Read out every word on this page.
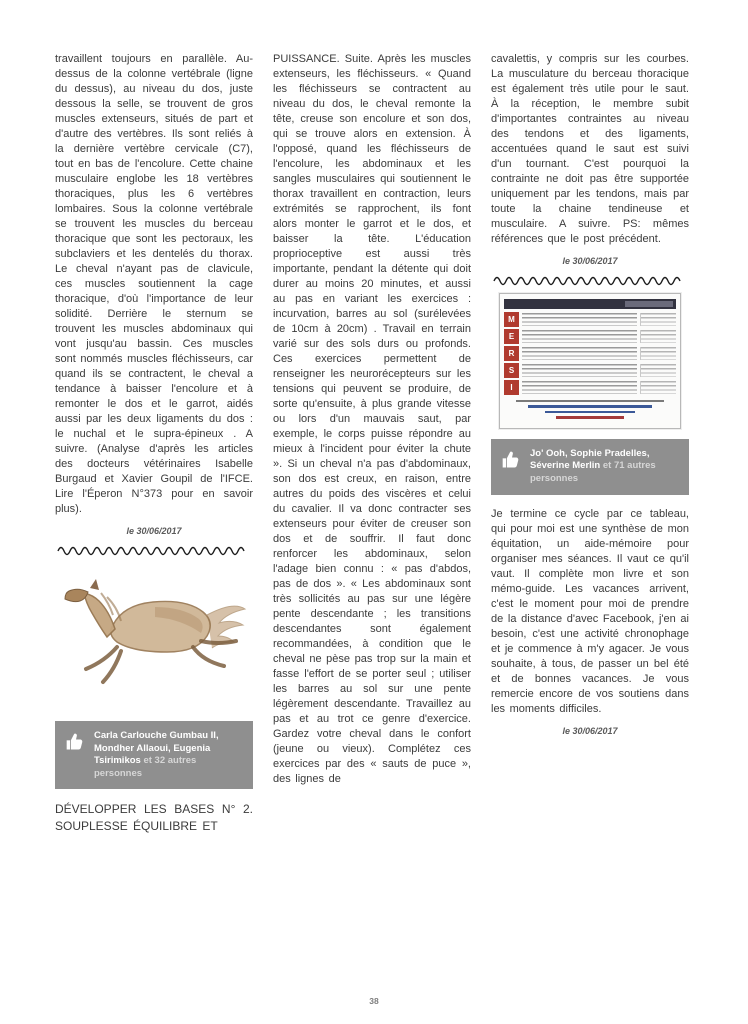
travaillent toujours en parallèle. Au-dessus de la colonne vertébrale (ligne du dessus), au niveau du dos, juste dessous la selle, se trouvent de gros muscles extenseurs, situés de part et d'autre des vertèbres. Ils sont reliés à la dernière vertèbre cervicale (C7), tout en bas de l'encolure. Cette chaine musculaire englobe les 18 vertèbres thoraciques, plus les 6 vertèbres lombaires. Sous la colonne vertébrale se trouvent les muscles du berceau thoracique que sont les pectoraux, les subclaviers et les dentelés du thorax. Le cheval n'ayant pas de clavicule, ces muscles soutiennent la cage thoracique, d'où l'importance de leur solidité. Derrière le sternum se trouvent les muscles abdominaux qui vont jusqu'au bassin. Ces muscles sont nommés muscles fléchisseurs, car quand ils se contractent, le cheval a tendance à baisser l'encolure et à remonter le dos et le garrot, aidés aussi par les deux ligaments du dos : le nuchal et le supra-épineux . A suivre. (Analyse d'après les articles des docteurs vétérinaires Isabelle Burgaud et Xavier Goupil de l'IFCE. Lire l'Éperon N°373 pour en savoir plus).

le 30/06/2017
Carla Carlouche Gumbau II, Mondher Allaoui, Eugenia Tsirimikos et 32 autres personnes

DÉVELOPPER LES BASES N° 2. SOUPLESSE ÉQUILIBRE ET

PUISSANCE. Suite. Après les muscles extenseurs, les fléchisseurs. « Quand les fléchisseurs se contractent au niveau du dos, le cheval remonte la tête, creuse son encolure et son dos, qui se trouve alors en extension. À l'opposé, quand les fléchisseurs de l'encolure, les abdominaux et les sangles musculaires qui soutiennent le thorax travaillent en contraction, leurs extrémités se rapprochent, ils font alors monter le garrot et le dos, et baisser la tête. L'éducation proprioceptive est aussi très importante, pendant la détente qui doit durer au moins 20 minutes, et aussi au pas en variant les exercices : incurvation, barres au sol (surélevées de 10cm à 20cm) . Travail en terrain varié sur des sols durs ou profonds. Ces exercices permettent de renseigner les neurorécepteurs sur les tensions qui peuvent se produire, de sorte qu'ensuite, à plus grande vitesse ou lors d'un mauvais saut, par exemple, le corps puisse répondre au mieux à l'incident pour éviter la chute ». Si un cheval n'a pas d'abdominaux, son dos est creux, en raison, entre autres du poids des viscères et celui du cavalier. Il va donc contracter ses extenseurs pour éviter de creuser son dos et de souffrir. Il faut donc renforcer les abdominaux, selon l'adage bien connu : « pas d'abdos, pas de dos ». « Les abdominaux sont très sollicités au pas sur une légère pente descendante ; les transitions descendantes sont également recommandées, à condition que le cheval ne pèse pas trop sur la main et fasse l'effort de se porter seul ; utiliser les barres au sol sur une pente légèrement descendante. Travaillez au pas et au trot ce genre d'exercice. Gardez votre cheval dans le confort (jeune ou vieux). Complétez ces exercices par des « sauts de puce », des lignes de

cavalettis, y compris sur les courbes. La musculature du berceau thoracique est également très utile pour le saut. À la réception, le membre subit d'importantes contraintes au niveau des tendons et des ligaments, accentuées quand le saut est suivi d'un tournant. C'est pourquoi la contrainte ne doit pas être supportée uniquement par les tendons, mais par toute la chaine tendineuse et musculaire. A suivre. PS: mêmes références que le post précédent.

le 30/06/2017
M
E
R
S
I
Jo' Ooh, Sophie Pradelles, Séverine Merlin et 71 autres personnes

Je termine ce cycle par ce tableau, qui pour moi est une synthèse de mon équitation, un aide-mémoire pour organiser mes séances. Il vaut ce qu'il vaut. Il complète mon livre et son mémo-guide. Les vacances arrivent, c'est le moment pour moi de prendre de la distance d'avec Facebook, j'en ai besoin, c'est une activité chronophage et je commence à m'y agacer. Je vous souhaite, à tous, de passer un bel été et de bonnes vacances. Je vous remercie encore de vos soutiens dans les moments difficiles.

le 30/06/2017
38
